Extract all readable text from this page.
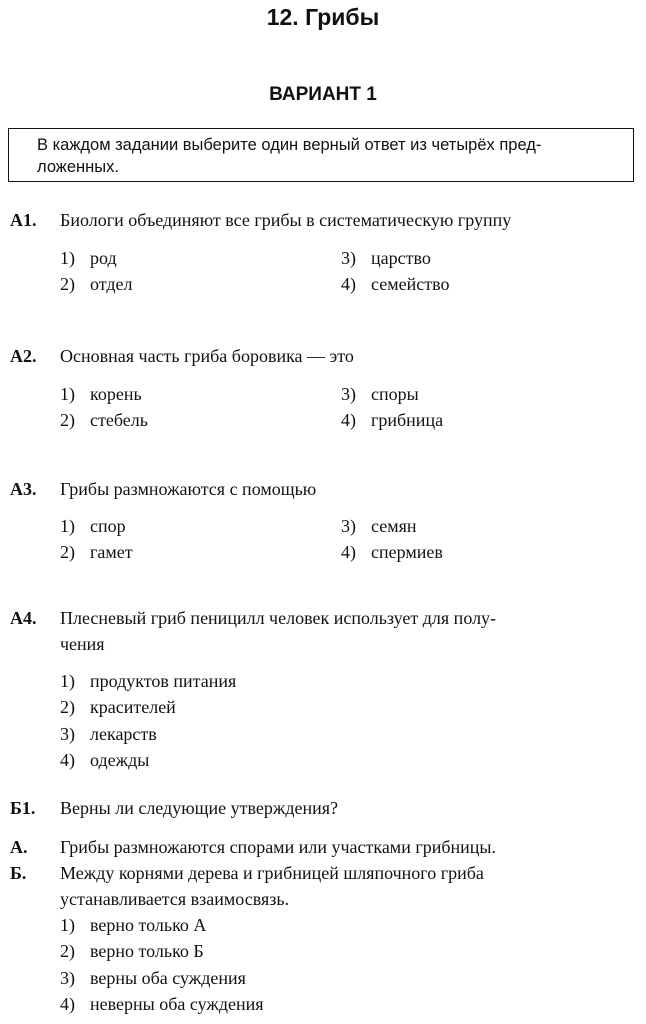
12. Грибы
ВАРИАНТ 1
В каждом задании выберите один верный ответ из четырёх пред-
ложенных.
А1. Биологи объединяют все грибы в систематическую группу
1) род
2) отдел
3) царство
4) семейство
А2. Основная часть гриба боровика — это
1) корень
2) стебель
3) споры
4) грибница
А3. Грибы размножаются с помощью
1) спор
2) гамет
3) семян
4) спермиев
А4. Плесневый гриб пеницилл человек использует для полу-
чения
1) продуктов питания
2) красителей
3) лекарств
4) одежды
Б1. Верны ли следующие утверждения?
А. Грибы размножаются спорами или участками грибницы.
Б. Между корнями дерева и грибницей шляпочного гриба
устанавливается взаимосвязь.
1) верно только А
2) верно только Б
3) верны оба суждения
4) неверны оба суждения
